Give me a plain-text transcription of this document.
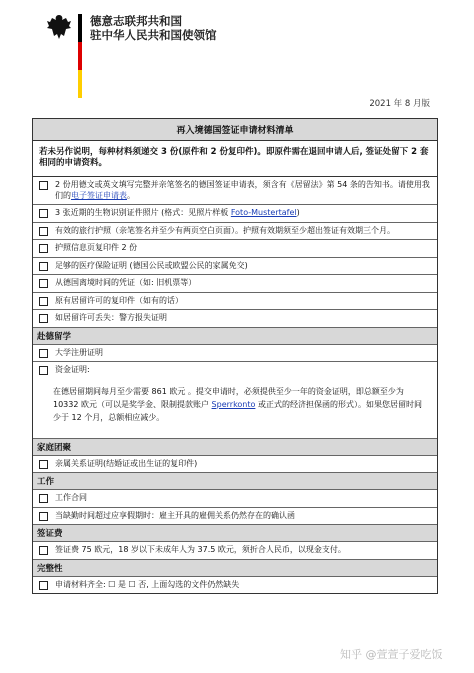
德意志联邦共和国
驻中华人民共和国使领馆
2021 年 8 月版
再入境德国签证申请材料清单
若未另作说明，每种材料须递交 3 份(原件和 2 份复印件)。即原件需在退回申请人后, 签证处留下 2 套相同的申请资料。
2 份用德文或英文填写完整并亲笔签名的德国签证申请表，须含有《居留法》第 54 条的告知书。请使用我们的电子签证申请表。
3 张近期的生物识别证件照片 (格式：见照片样板 Foto-Mustertafel)
有效的旅行护照（亲笔签名并至少有两页空白页面）。护照有效期须至少超出签证有效期三个月。
护照信息页复印件 2 份
足够的医疗保险证明 (德国公民或欧盟公民的家属免交)
从德国离境时间的凭证（如: 旧机票等）
原有居留许可的复印件（如有的话）
如居留许可丢失：警方报失证明
赴德留学
大学注册证明
资金证明:
在德居留期间每月至少需要 861 欧元 。提交申请时，必须提供至少一年的资金证明，即总额至少为 10332 欧元（可以是奖学金、限制提款账户 Sperrkonto 或正式的经济担保函的形式）。如果您居留时间少于 12 个月，总额相应减少。
家庭团聚
亲属关系证明(结婚证或出生证的复印件)
工作
工作合同
当缺勤时间超过应享假期时：雇主开具的雇佣关系仍然存在的确认函
签证费
签证费 75 欧元，18 岁以下未成年人为 37.5 欧元，须折合人民币，以现金支付。
完整性
申请材料齐全: ☐ 是 ☐ 否, 上面勾选的文件仍然缺失
知乎 @萱萱子爱吃饭
